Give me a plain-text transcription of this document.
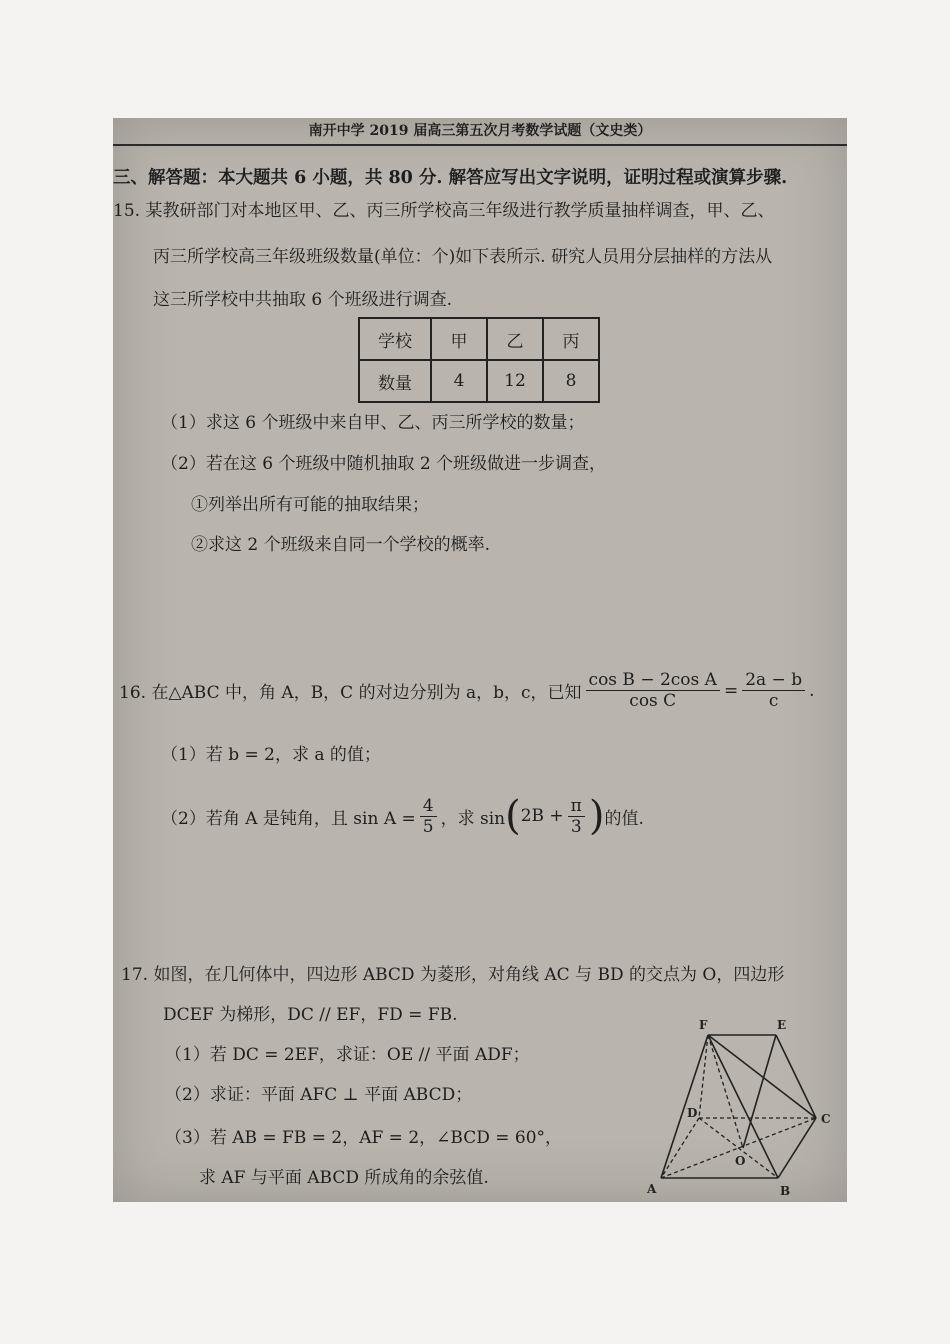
南开中学 2019 届高三第五次月考数学试题（文史类）
三、解答题：本大题共 6 小题，共 80 分. 解答应写出文字说明，证明过程或演算步骤.
15. 某教研部门对本地区甲、乙、丙三所学校高三年级进行教学质量抽样调查，甲、乙、
丙三所学校高三年级班级数量(单位：个)如下表所示. 研究人员用分层抽样的方法从
这三所学校中共抽取 6 个班级进行调查.
学校	甲	乙	丙
数量	4	12	8
（1）求这 6 个班级中来自甲、乙、丙三所学校的数量；
（2）若在这 6 个班级中随机抽取 2 个班级做进一步调查，
①列举出所有可能的抽取结果；
②求这 2 个班级来自同一个学校的概率.
16. 在△ABC 中，角 A，B，C 的对边分别为 a，b，c，已知 $\frac{\text{cos B − 2cos A}}{\text{cos C}} = \frac{2a - b}{c}$ .
（1）若 b = 2，求 a 的值；
（2）若角 A 是钝角，且 $\sin A = \frac{4}{5}$ ，求 sin ( $2B + \frac{\pi}{3}$ ) 的值.
17. 如图，在几何体中，四边形 ABCD 为菱形，对角线 AC 与 BD 的交点为 O，四边形
DCEF 为梯形，DC // EF，FD = FB.
（1）若 DC = 2EF，求证：OE // 平面 ADF；
（2）求证：平面 AFC ⊥ 平面 ABCD；
（3）若 AB = FB = 2，AF = 2，∠BCD = 60°，
求 AF 与平面 ABCD 所成角的余弦值.
F	E
D	C
O
A	B
